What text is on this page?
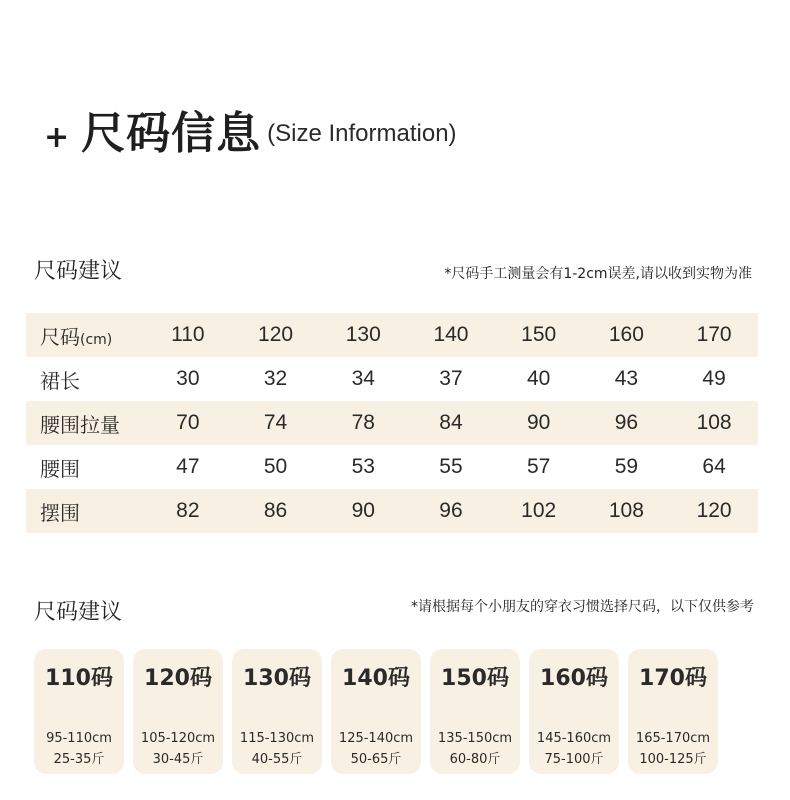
+ 尺码信息 (Size Information)
尺码建议	*尺码手工测量会有1-2cm误差,请以收到实物为准
尺码(cm)	110	120	130	140	150	160	170
裙长	30	32	34	37	40	43	49
腰围拉量	70	74	78	84	90	96	108
腰围	47	50	53	55	57	59	64
摆围	82	86	90	96	102	108	120
尺码建议	*请根据每个小朋友的穿衣习惯选择尺码，以下仅供参考
110码
95-110cm
25-35斤
120码
105-120cm
30-45斤
130码
115-130cm
40-55斤
140码
125-140cm
50-65斤
150码
135-150cm
60-80斤
160码
145-160cm
75-100斤
170码
165-170cm
100-125斤
